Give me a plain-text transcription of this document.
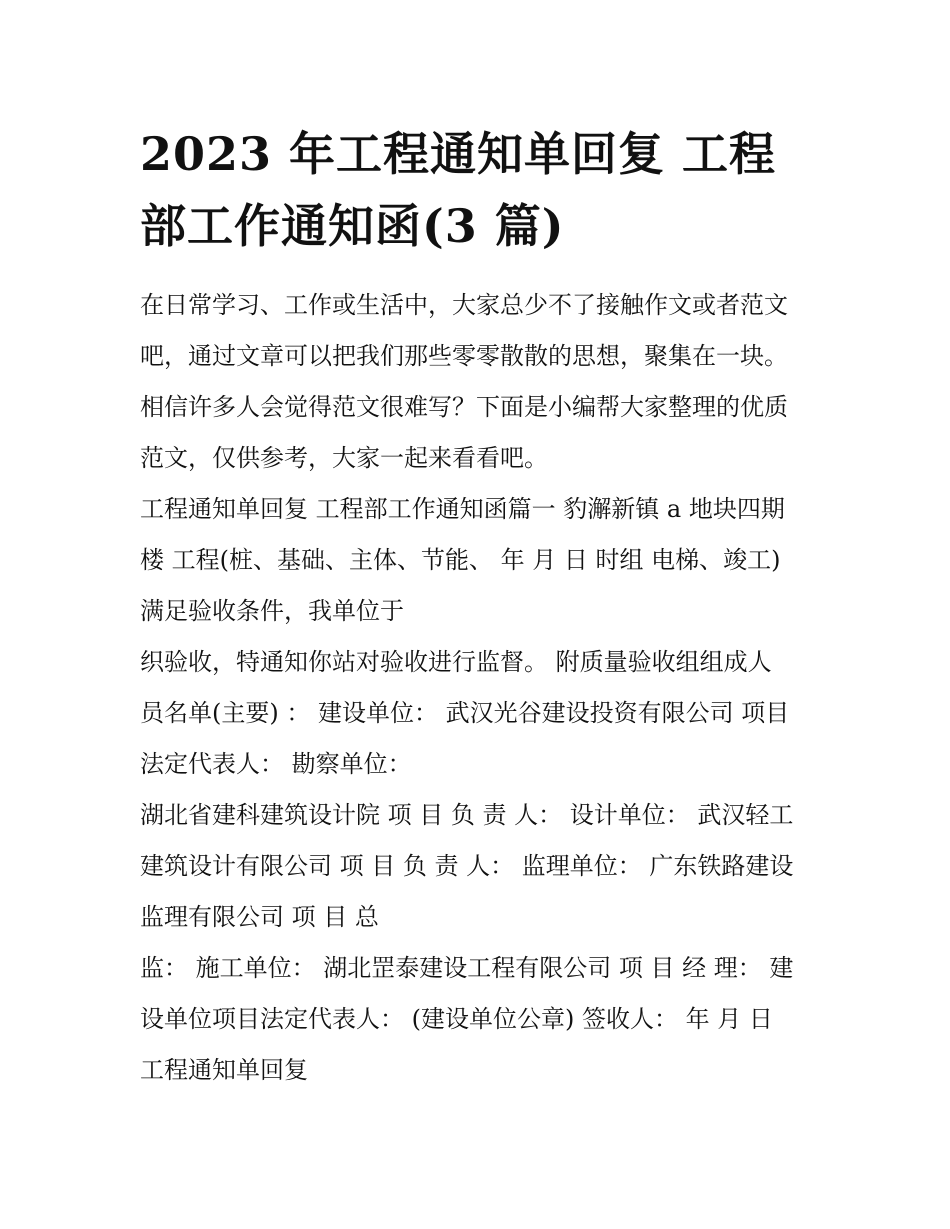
2023 年工程通知单回复 工程
部工作通知函(3 篇)
在日常学习、工作或生活中，大家总少不了接触作文或者范文
吧，通过文章可以把我们那些零零散散的思想，聚集在一块。
相信许多人会觉得范文很难写？下面是小编帮大家整理的优质
范文，仅供参考，大家一起来看看吧。
工程通知单回复 工程部工作通知函篇一 豹澥新镇 a 地块四期
楼 工程(桩、基础、主体、节能、 年 月 日 时组 电梯、竣工)
满足验收条件，我单位于
织验收，特通知你站对验收进行监督。 附质量验收组组成人
员名单(主要) ： 建设单位： 武汉光谷建设投资有限公司 项目
法定代表人： 勘察单位：
湖北省建科建筑设计院 项 目 负 责 人： 设计单位： 武汉轻工
建筑设计有限公司 项 目 负 责 人： 监理单位： 广东铁路建设
监理有限公司 项 目 总
监： 施工单位： 湖北罡泰建设工程有限公司 项 目 经 理： 建
设单位项目法定代表人： (建设单位公章) 签收人： 年 月 日
工程通知单回复
